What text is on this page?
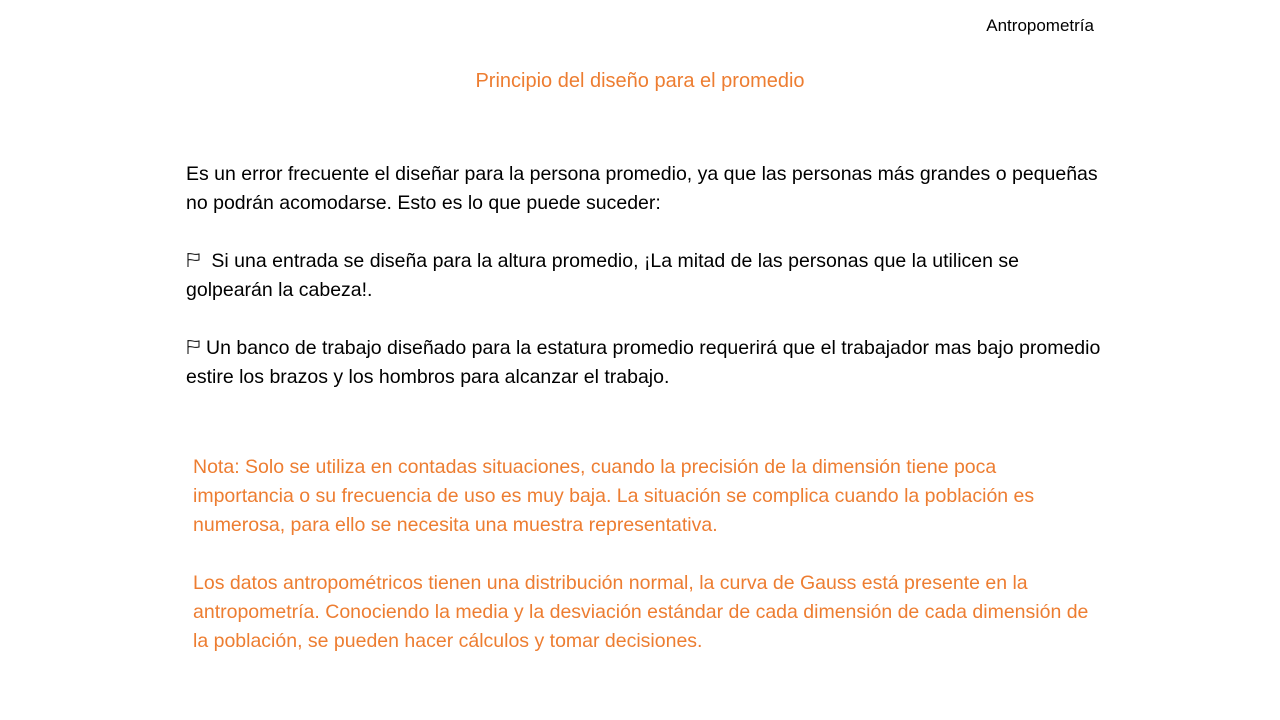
Antropometría
Principio del diseño para el promedio

Es un error frecuente el diseñar para la persona promedio, ya que las personas más grandes o pequeñas no podrán acomodarse. Esto es lo que puede suceder:

Si una entrada se diseña para la altura promedio, ¡La mitad de las personas que la utilicen se golpearán la cabeza!.

Un banco de trabajo diseñado para la estatura promedio requerirá que el trabajador mas bajo promedio estire los brazos y los hombros para alcanzar el trabajo.

Nota: Solo se utiliza en contadas situaciones, cuando la precisión de la dimensión tiene poca importancia o su frecuencia de uso es muy baja. La situación se complica cuando la población es numerosa, para ello se necesita una muestra representativa.

Los datos antropométricos tienen una distribución normal, la curva de Gauss está presente en la antropometría. Conociendo la media y la desviación estándar de cada dimensión de cada dimensión de la población, se pueden hacer cálculos y tomar decisiones.
